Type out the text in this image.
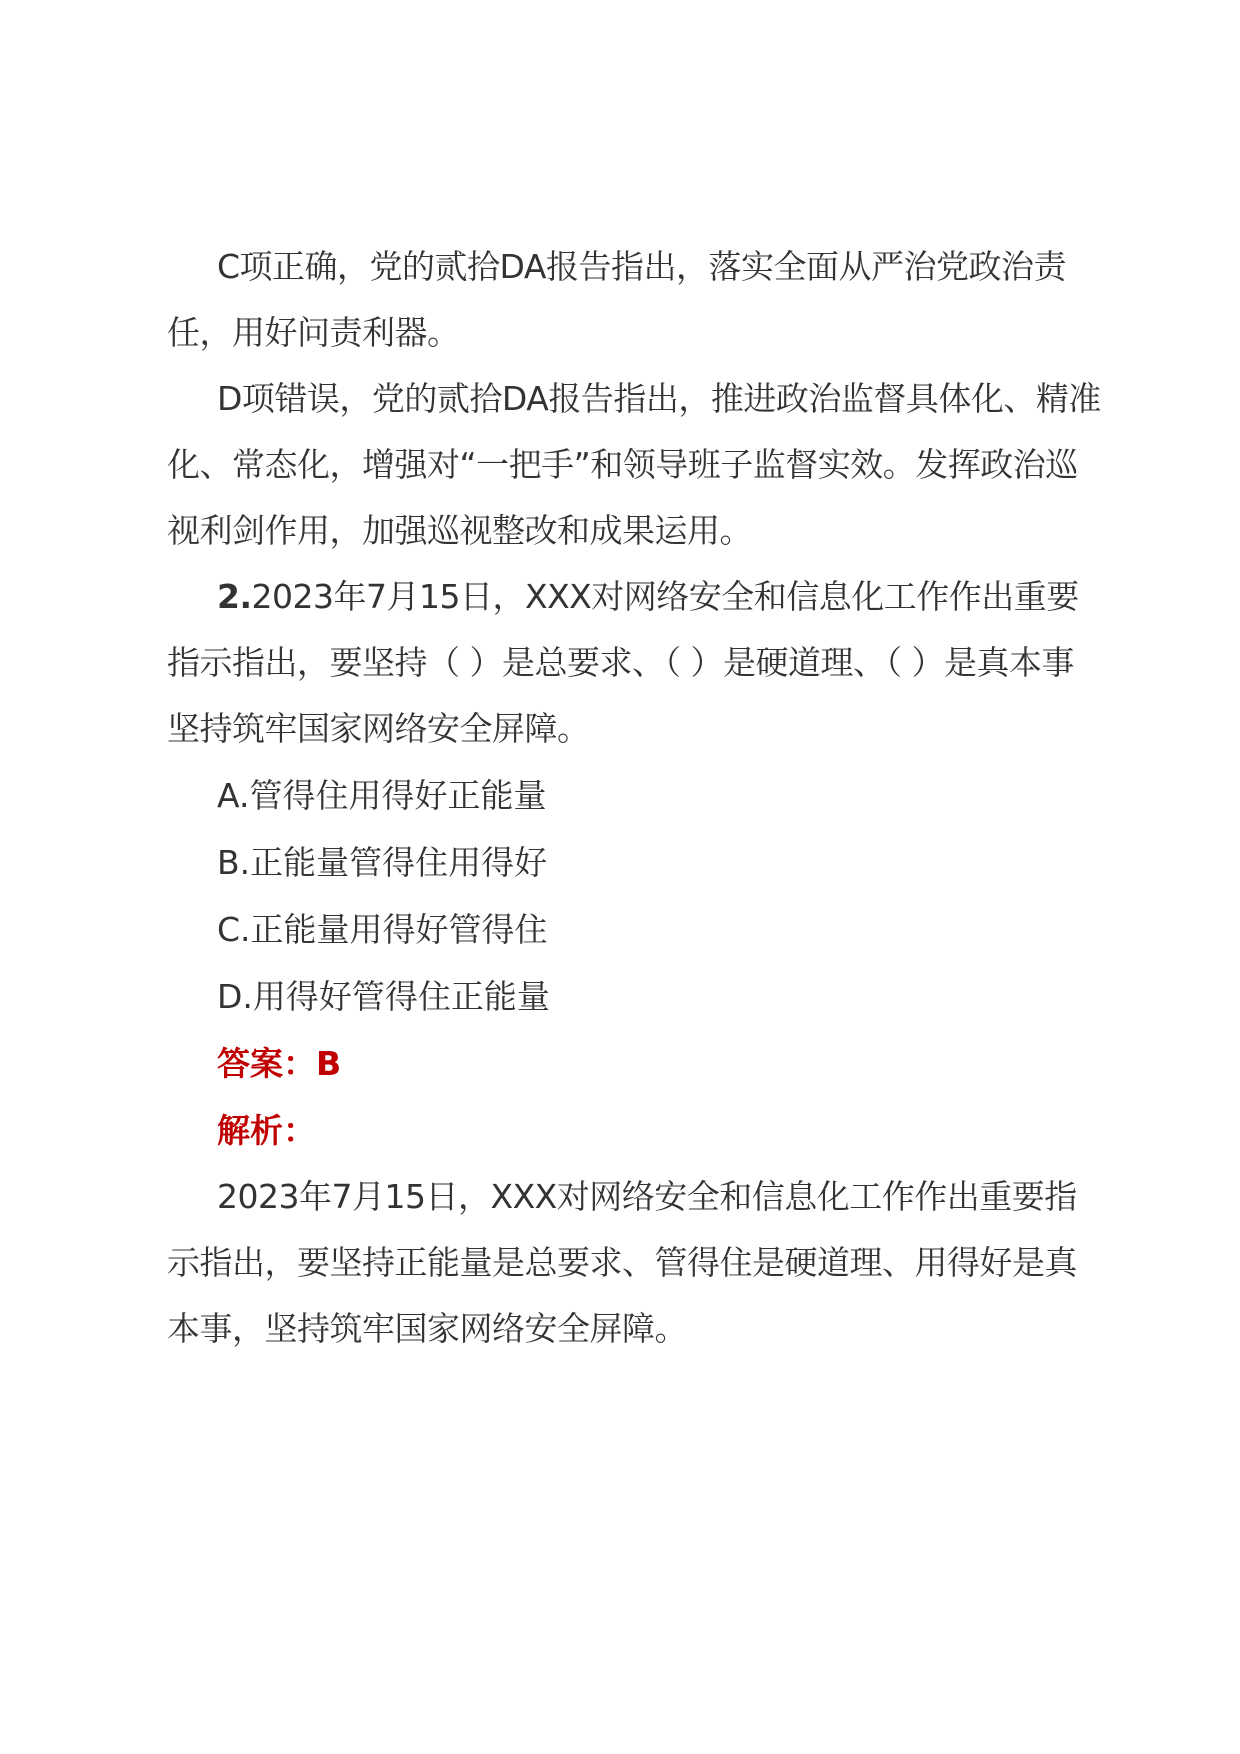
C项正确，党的贰拾DA报告指出，落实全面从严治党政治责任，用好问责利器。

D项错误，党的贰拾DA报告指出，推进政治监督具体化、精准化、常态化，增强对“一把手”和领导班子监督实效。发挥政治巡视利剑作用，加强巡视整改和成果运用。

2.2023年7月15日，XXX对网络安全和信息化工作作出重要指示指出，要坚持（ ）是总要求、（ ）是硬道理、（ ）是真本事坚持筑牢国家网络安全屏障。

A.管得住用得好正能量

B.正能量管得住用得好

C.正能量用得好管得住

D.用得好管得住正能量

答案：B

解析：

2023年7月15日，XXX对网络安全和信息化工作作出重要指示指出，要坚持正能量是总要求、管得住是硬道理、用得好是真本事，坚持筑牢国家网络安全屏障。
